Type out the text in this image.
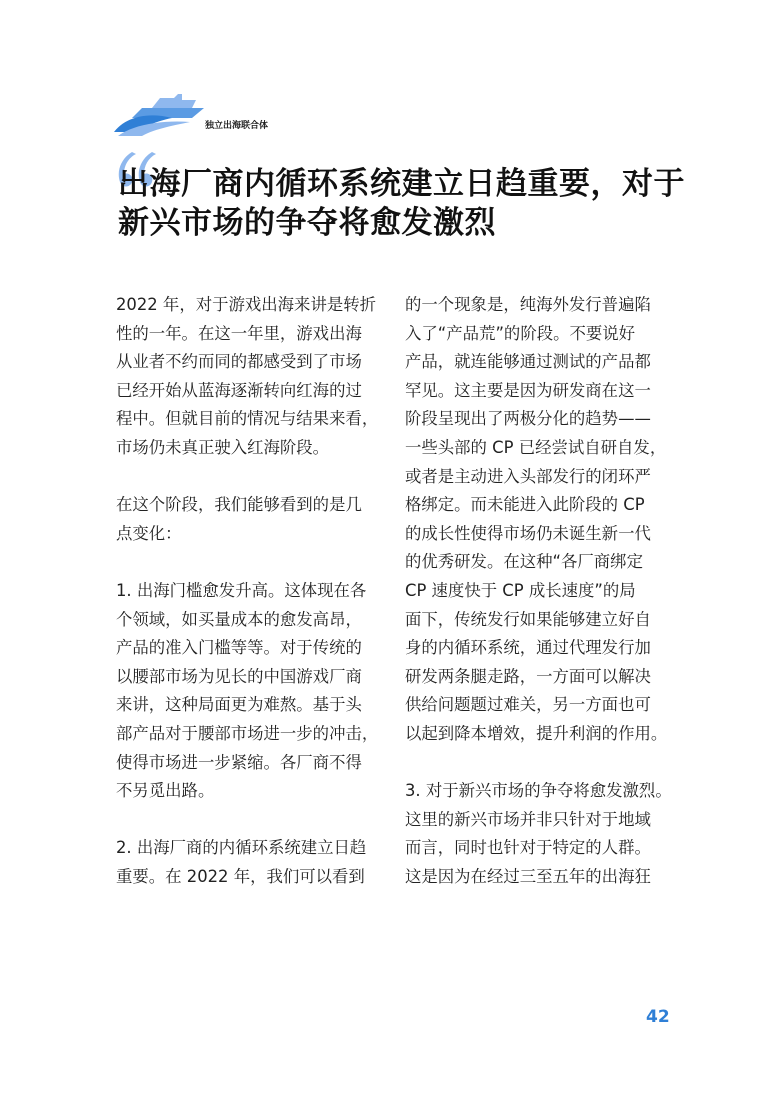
独立出海联合体
出海厂商内循环系统建立日趋重要，对于
新兴市场的争夺将愈发激烈

2022 年，对于游戏出海来讲是转折
性的一年。在这一年里，游戏出海
从业者不约而同的都感受到了市场
已经开始从蓝海逐渐转向红海的过
程中。但就目前的情况与结果来看，
市场仍未真正驶入红海阶段。

在这个阶段，我们能够看到的是几
点变化：

1. 出海门槛愈发升高。这体现在各
个领域，如买量成本的愈发高昂，
产品的准入门槛等等。对于传统的
以腰部市场为见长的中国游戏厂商
来讲，这种局面更为难熬。基于头
部产品对于腰部市场进一步的冲击，
使得市场进一步紧缩。各厂商不得
不另觅出路。

2. 出海厂商的内循环系统建立日趋
重要。在 2022 年，我们可以看到

的一个现象是，纯海外发行普遍陷
入了“产品荒”的阶段。不要说好
产品，就连能够通过测试的产品都
罕见。这主要是因为研发商在这一
阶段呈现出了两极分化的趋势——
一些头部的 CP 已经尝试自研自发，
或者是主动进入头部发行的闭环严
格绑定。而未能进入此阶段的 CP
的成长性使得市场仍未诞生新一代
的优秀研发。在这种“各厂商绑定
CP 速度快于 CP 成长速度”的局
面下，传统发行如果能够建立好自
身的内循环系统，通过代理发行加
研发两条腿走路，一方面可以解决
供给问题题过难关，另一方面也可
以起到降本增效，提升利润的作用。

3. 对于新兴市场的争夺将愈发激烈。
这里的新兴市场并非只针对于地域
而言，同时也针对于特定的人群。
这是因为在经过三至五年的出海狂

42
